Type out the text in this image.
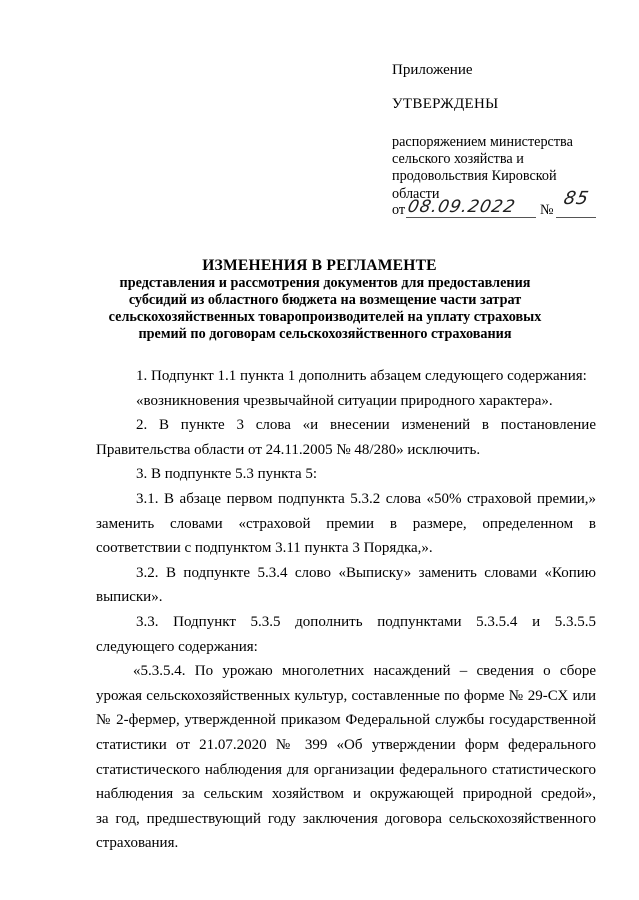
Приложение
УТВЕРЖДЕНЫ
распоряжением министерства
сельского хозяйства и
продовольствия Кировской
области
от 08.09.2022 №
85
ИЗМЕНЕНИЯ В РЕГЛАМЕНТЕ
представления и рассмотрения документов для предоставления
субсидий из областного бюджета на возмещение части затрат
сельскохозяйственных товаропроизводителей на уплату страховых
премий по договорам сельскохозяйственного страхования

1. Подпункт 1.1 пункта 1 дополнить абзацем следующего содержания:

«возникновения чрезвычайной ситуации природного характера».

2. В пункте 3 слова «и внесении изменений в постановление
Правительства области от 24.11.2005 № 48/280» исключить.

3. В подпункте 5.3 пункта 5:

3.1. В абзаце первом подпункта 5.3.2 слова «50% страховой премии,»
заменить словами «страховой премии в размере, определенном в
соответствии с подпунктом 3.11 пункта 3 Порядка,».

3.2. В подпункте 5.3.4 слово «Выписку» заменить словами «Копию
выписки».

3.3. Подпункт 5.3.5 дополнить подпунктами 5.3.5.4 и 5.3.5.5
следующего содержания:

«5.3.5.4. По урожаю многолетних насаждений – сведения о сборе
урожая сельскохозяйственных культур, составленные по форме № 29-СХ или
№ 2-фермер, утвержденной приказом Федеральной службы государственной
статистики от 21.07.2020 № 399 «Об утверждении форм федерального
статистического наблюдения для организации федерального статистического
наблюдения за сельским хозяйством и окружающей природной средой»,
за год, предшествующий году заключения договора сельскохозяйственного
страхования.
